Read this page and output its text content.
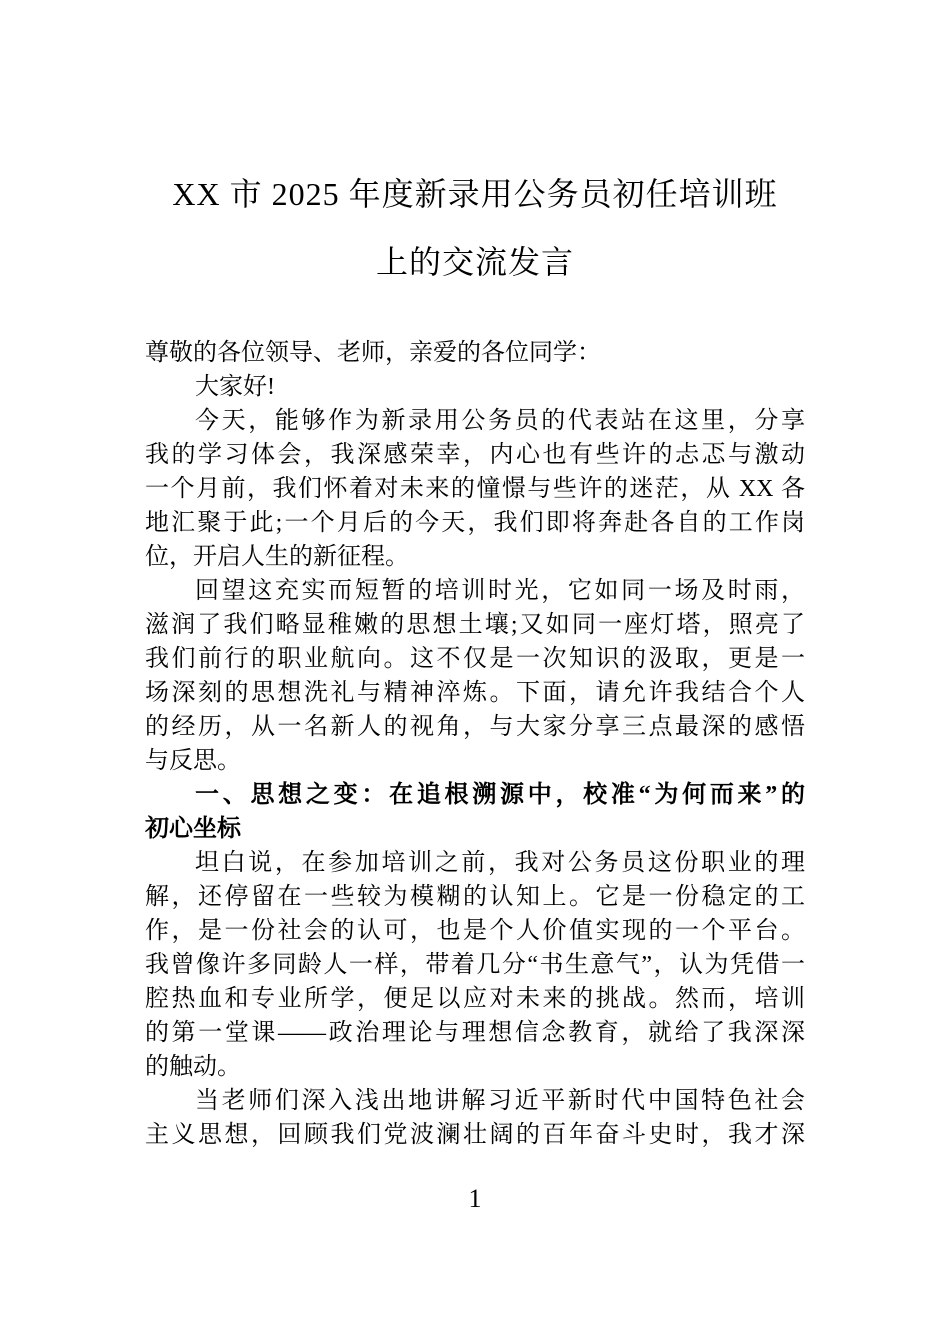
XX 市 2025 年度新录用公务员初任培训班
上的交流发言
尊敬的各位领导、老师，亲爱的各位同学：
大家好!
今天，能够作为新录用公务员的代表站在这里，分享
我的学习体会，我深感荣幸，内心也有些许的忐忑与激动
一个月前，我们怀着对未来的憧憬与些许的迷茫，从 XX 各
地汇聚于此;一个月后的今天，我们即将奔赴各自的工作岗
位，开启人生的新征程。
回望这充实而短暂的培训时光，它如同一场及时雨，
滋润了我们略显稚嫩的思想土壤;又如同一座灯塔，照亮了
我们前行的职业航向。这不仅是一次知识的汲取，更是一
场深刻的思想洗礼与精神淬炼。下面，请允许我结合个人
的经历，从一名新人的视角，与大家分享三点最深的感悟
与反思。
一、思想之变：在追根溯源中，校准“为何而来”的
初心坐标
坦白说，在参加培训之前，我对公务员这份职业的理
解，还停留在一些较为模糊的认知上。它是一份稳定的工
作，是一份社会的认可，也是个人价值实现的一个平台。
我曾像许多同龄人一样，带着几分“书生意气”，认为凭借一
腔热血和专业所学，便足以应对未来的挑战。然而，培训
的第一堂课——政治理论与理想信念教育，就给了我深深
的触动。
当老师们深入浅出地讲解习近平新时代中国特色社会
主义思想，回顾我们党波澜壮阔的百年奋斗史时，我才深
1
